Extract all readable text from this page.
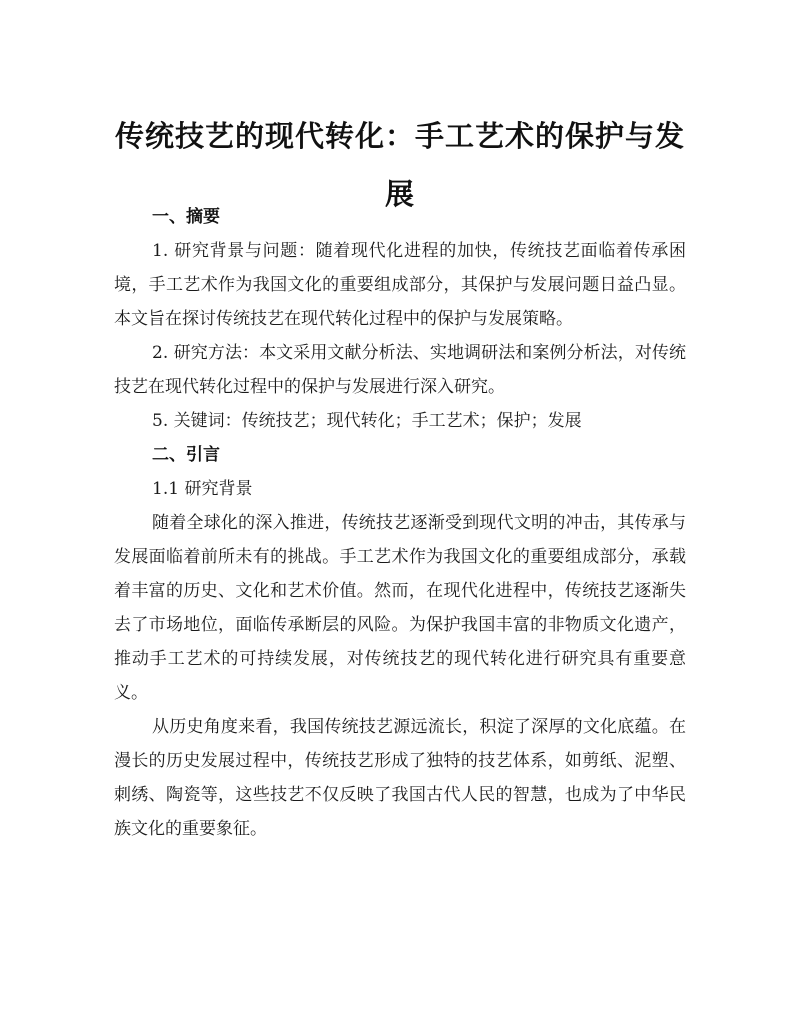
传统技艺的现代转化：手工艺术的保护与发展
一、摘要

1. 研究背景与问题：随着现代化进程的加快，传统技艺面临着传承困境，手工艺术作为我国文化的重要组成部分，其保护与发展问题日益凸显。本文旨在探讨传统技艺在现代转化过程中的保护与发展策略。

2. 研究方法：本文采用文献分析法、实地调研法和案例分析法，对传统技艺在现代转化过程中的保护与发展进行深入研究。

5. 关键词：传统技艺；现代转化；手工艺术；保护；发展

二、引言

1.1 研究背景

随着全球化的深入推进，传统技艺逐渐受到现代文明的冲击，其传承与发展面临着前所未有的挑战。手工艺术作为我国文化的重要组成部分，承载着丰富的历史、文化和艺术价值。然而，在现代化进程中，传统技艺逐渐失去了市场地位，面临传承断层的风险。为保护我国丰富的非物质文化遗产，推动手工艺术的可持续发展，对传统技艺的现代转化进行研究具有重要意义。

从历史角度来看，我国传统技艺源远流长，积淀了深厚的文化底蕴。在漫长的历史发展过程中，传统技艺形成了独特的技艺体系，如剪纸、泥塑、刺绣、陶瓷等，这些技艺不仅反映了我国古代人民的智慧，也成为了中华民族文化的重要象征。
